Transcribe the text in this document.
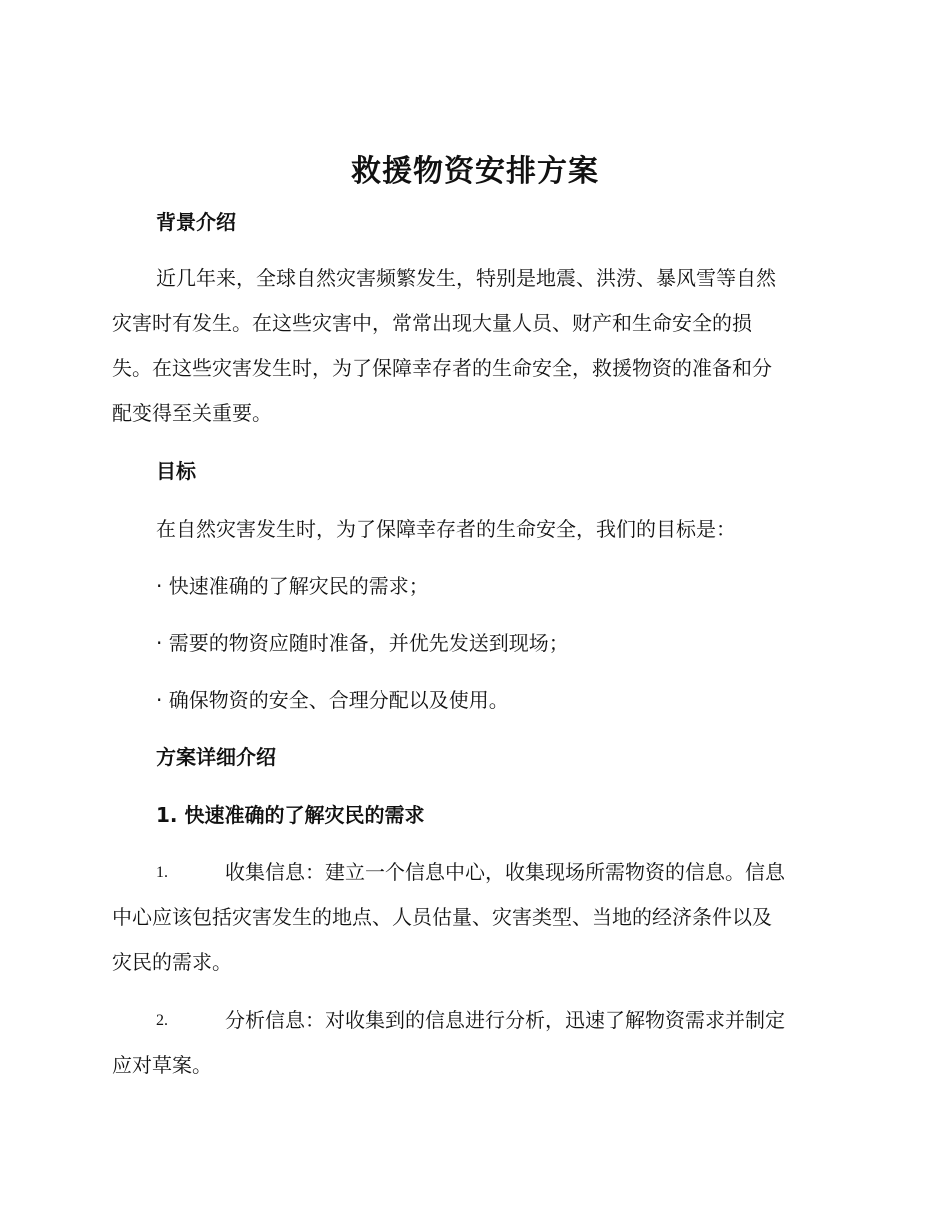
救援物资安排方案
背景介绍
近几年来，全球自然灾害频繁发生，特别是地震、洪涝、暴风雪等自然
灾害时有发生。在这些灾害中，常常出现大量人员、财产和生命安全的损
失。在这些灾害发生时，为了保障幸存者的生命安全，救援物资的准备和分
配变得至关重要。
目标
在自然灾害发生时，为了保障幸存者的生命安全，我们的目标是：
· 快速准确的了解灾民的需求；
· 需要的物资应随时准备，并优先发送到现场；
· 确保物资的安全、合理分配以及使用。
方案详细介绍
1. 快速准确的了解灾民的需求
1.	收集信息：建立一个信息中心，收集现场所需物资的信息。信息
中心应该包括灾害发生的地点、人员估量、灾害类型、当地的经济条件以及
灾民的需求。
2.	分析信息：对收集到的信息进行分析，迅速了解物资需求并制定
应对草案。
